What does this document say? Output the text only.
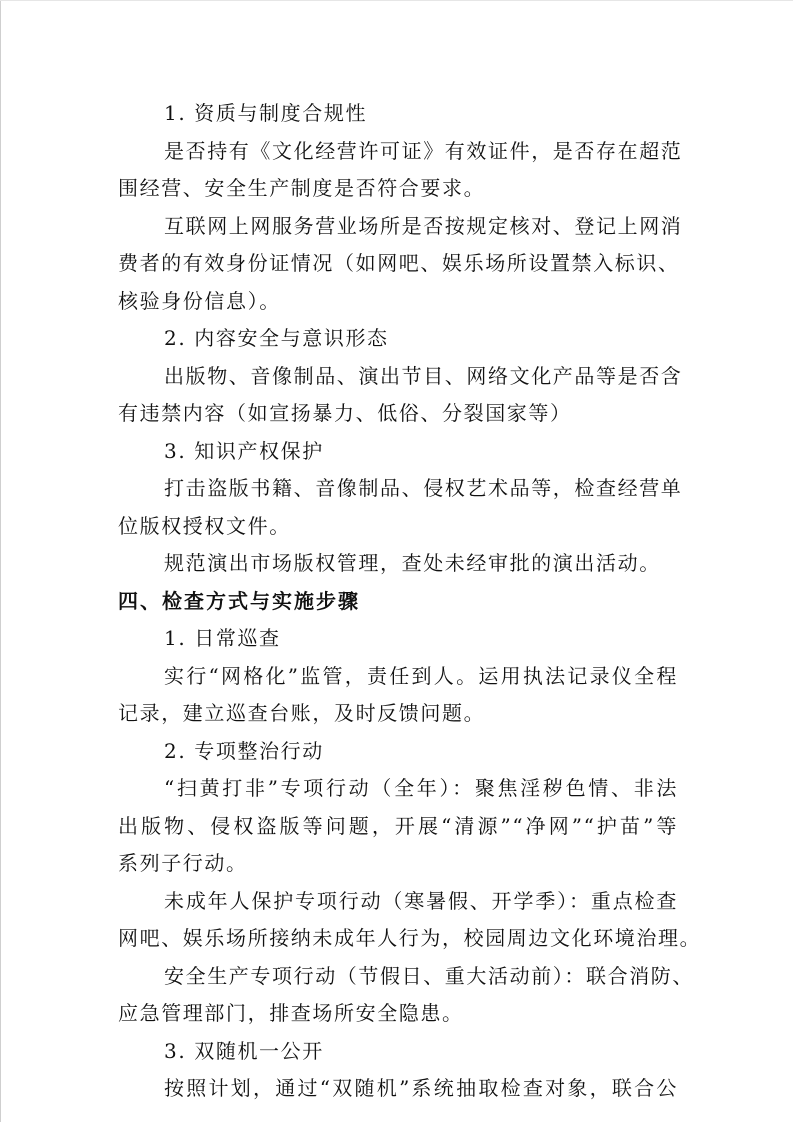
1. 资质与制度合规性
是否持有《文化经营许可证》有效证件，是否存在超范
围经营、安全生产制度是否符合要求。
互联网上网服务营业场所是否按规定核对、登记上网消
费者的有效身份证情况（如网吧、娱乐场所设置禁入标识、
核验身份信息）。
2. 内容安全与意识形态
出版物、音像制品、演出节目、网络文化产品等是否含
有违禁内容（如宣扬暴力、低俗、分裂国家等）
3. 知识产权保护
打击盗版书籍、音像制品、侵权艺术品等，检查经营单
位版权授权文件。
规范演出市场版权管理，查处未经审批的演出活动。
四、检查方式与实施步骤
1. 日常巡查
实行“网格化”监管，责任到人。运用执法记录仪全程
记录，建立巡查台账，及时反馈问题。
2. 专项整治行动
“扫黄打非”专项行动（全年）：聚焦淫秽色情、非法
出版物、侵权盗版等问题，开展“清源”“净网”“护苗”等
系列子行动。
未成年人保护专项行动（寒暑假、开学季）：重点检查
网吧、娱乐场所接纳未成年人行为，校园周边文化环境治理。
安全生产专项行动（节假日、重大活动前）：联合消防、
应急管理部门，排查场所安全隐患。
3. 双随机一公开
按照计划，通过“双随机”系统抽取检查对象，联合公
